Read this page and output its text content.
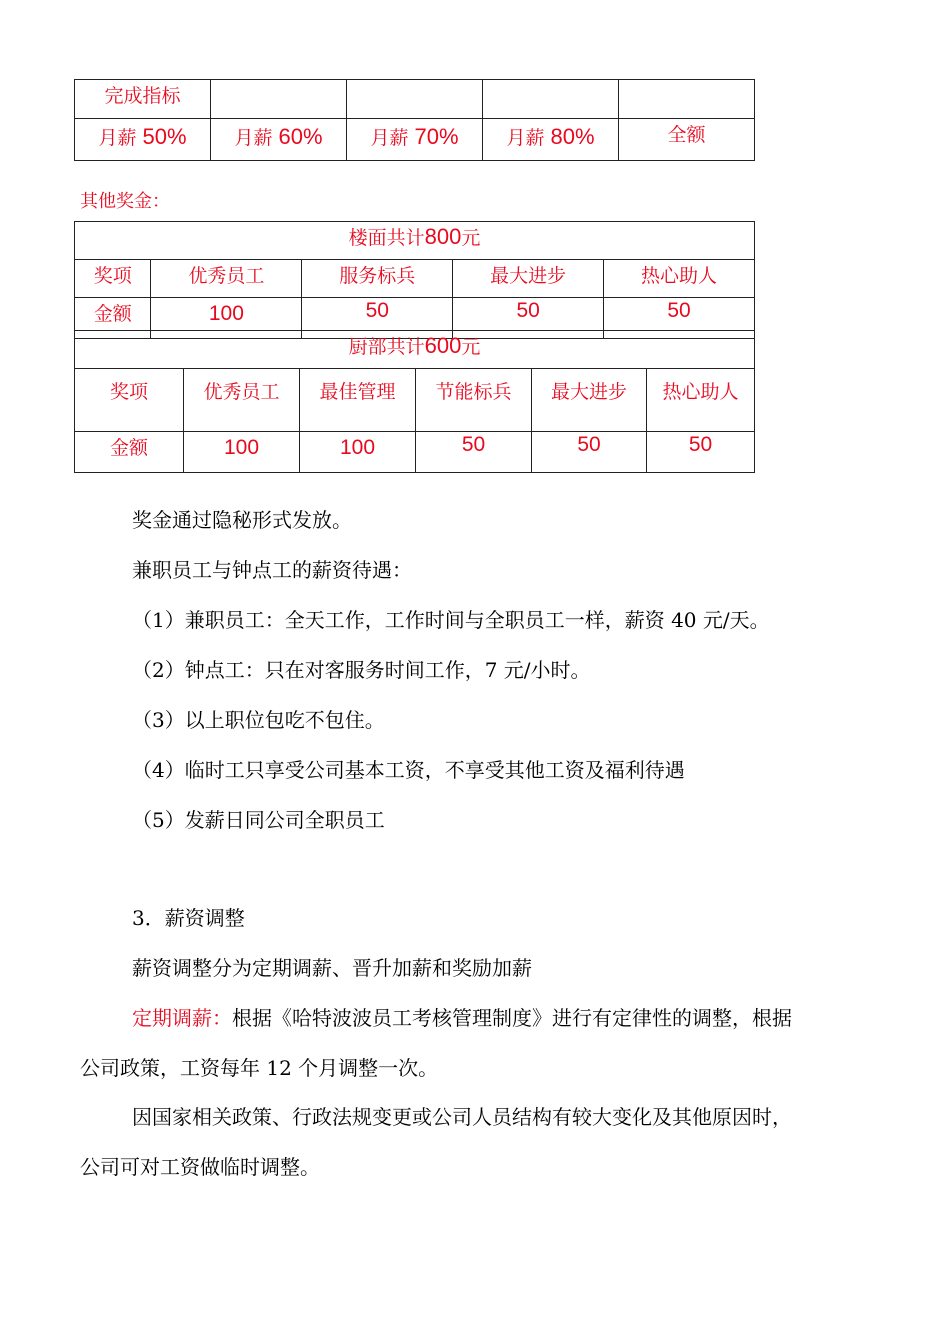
完成指标				
月薪 50%	月薪 60%	月薪 70%	月薪 80%	全额
其他奖金：
楼面共计800元				
奖项	优秀员工	服务标兵	最大进步	热心助人
金额	100	50	50	50
厨部共计600元					
奖项	优秀员工	最佳管理	节能标兵	最大进步	热心助人
金额	100	100	50	50	50
奖金通过隐秘形式发放。
兼职员工与钟点工的薪资待遇：
（1）兼职员工：全天工作，工作时间与全职员工一样，薪资 40 元/天。
（2）钟点工：只在对客服务时间工作，7 元/小时。
（3）以上职位包吃不包住。
（4）临时工只享受公司基本工资，不享受其他工资及福利待遇
（5）发薪日同公司全职员工
3．薪资调整
薪资调整分为定期调薪、晋升加薪和奖励加薪
定期调薪：根据《哈特波波员工考核管理制度》进行有定律性的调整，根据
公司政策，工资每年 12 个月调整一次。
因国家相关政策、行政法规变更或公司人员结构有较大变化及其他原因时，
公司可对工资做临时调整。
